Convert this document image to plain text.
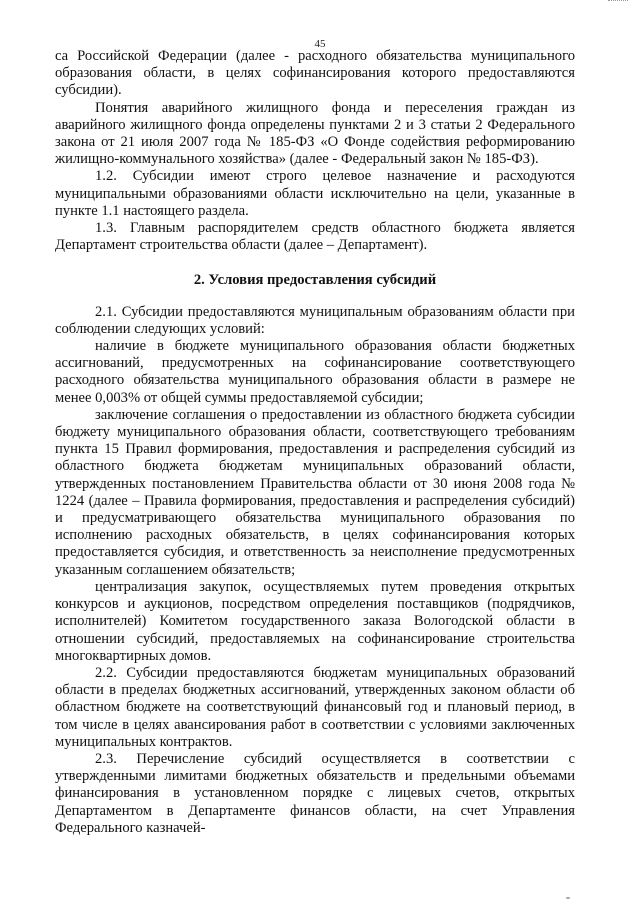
45

са Российской Федерации (далее - расходного обязательства муниципального образования области, в целях софинансирования которого предоставляются субсидии).

Понятия аварийного жилищного фонда и переселения граждан из аварийного жилищного фонда определены пунктами 2 и 3 статьи 2 Федерального закона от 21 июля 2007 года № 185-ФЗ «О Фонде содействия реформированию жилищно-коммунального хозяйства» (далее - Федеральный закон № 185-ФЗ).

1.2. Субсидии имеют строго целевое назначение и расходуются муниципальными образованиями области исключительно на цели, указанные в пункте 1.1 настоящего раздела.

1.3. Главным распорядителем средств областного бюджета является Департамент строительства области (далее – Департамент).

2. Условия предоставления субсидий

2.1. Субсидии предоставляются муниципальным образованиям области при соблюдении следующих условий:

наличие в бюджете муниципального образования области бюджетных ассигнований, предусмотренных на софинансирование соответствующего расходного обязательства муниципального образования области в размере не менее 0,003% от общей суммы предоставляемой субсидии;

заключение соглашения о предоставлении из областного бюджета субсидии бюджету муниципального образования области, соответствующего требованиям пункта 15 Правил формирования, предоставления и распределения субсидий из областного бюджета бюджетам муниципальных образований области, утвержденных постановлением Правительства области от 30 июня 2008 года № 1224 (далее – Правила формирования, предоставления и распределения субсидий) и предусматривающего обязательства муниципального образования по исполнению расходных обязательств, в целях софинансирования которых предоставляется субсидия, и ответственность за неисполнение предусмотренных указанным соглашением обязательств;

централизация закупок, осуществляемых путем проведения открытых конкурсов и аукционов, посредством определения поставщиков (подрядчиков, исполнителей) Комитетом государственного заказа Вологодской области в отношении субсидий, предоставляемых на софинансирование строительства многоквартирных домов.

2.2. Субсидии предоставляются бюджетам муниципальных образований области в пределах бюджетных ассигнований, утвержденных законом области об областном бюджете на соответствующий финансовый год и плановый период, в том числе в целях авансирования работ в соответствии с условиями заключенных муниципальных контрактов.

2.3. Перечисление субсидий осуществляется в соответствии с утвержденными лимитами бюджетных обязательств и предельными объемами финансирования в установленном порядке с лицевых счетов, открытых Департаментом в Департаменте финансов области, на счет Управления Федерального казначей-
